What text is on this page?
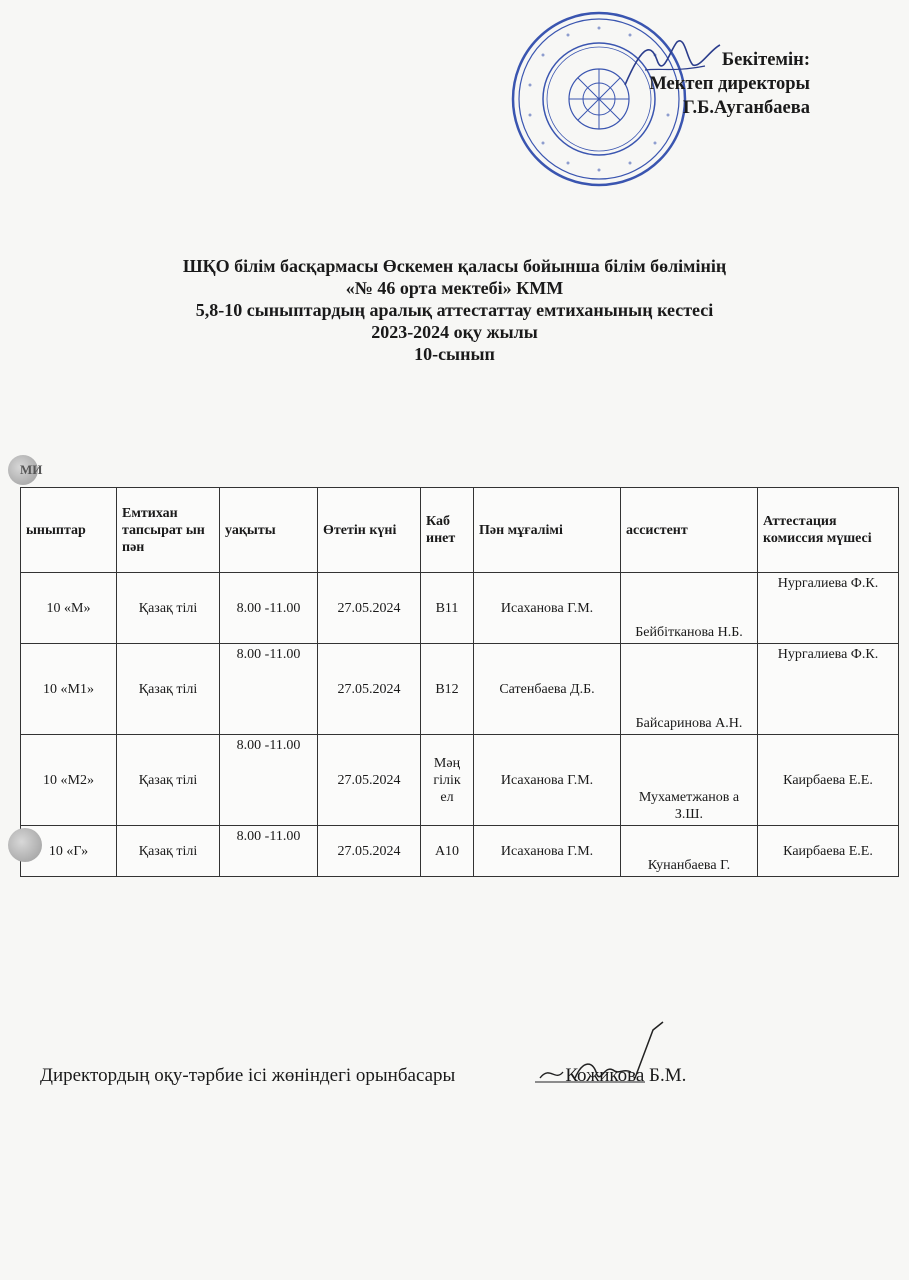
Бекітемін:
Мектеп директоры
Г.Б.Ауганбаева
ШҚО білім басқармасы Өскемен қаласы бойынша білім бөлімінің
«№ 46 орта мектебі» КММ
5,8-10 сыныптардың аралық аттестаттау емтиханының кестесі
2023-2024 оқу жылы
10-сынып
МИ
ыныптар	Емтихан тапсырат ын пән	уақыты	Өтетін күні	Каб инет	Пән мұғалімі	ассистент	Аттестация комиссия мүшесі
10 «М»	Қазақ тілі	8.00 -11.00	27.05.2024	В11	Исаханова Г.М.	Бейбітканова Н.Б.	Нургалиева Ф.К.
10 «М1»	Қазақ тілі	8.00 -11.00	27.05.2024	В12	Сатенбаева Д.Б.	Байсаринова А.Н.	Нургалиева Ф.К.
10 «М2»	Қазақ тілі	8.00 -11.00	27.05.2024	Мәң гілік ел	Исаханова Г.М.	Мухаметжанов а З.Ш.	Каирбаева Е.Е.
10 «Г»	Қазақ тілі	8.00 -11.00	27.05.2024	А10	Исаханова Г.М.	Кунанбаева Г.	Каирбаева Е.Е.
Директордың оқу-тәрбие ісі жөніндегі орынбасары	Кожикова Б.М.
